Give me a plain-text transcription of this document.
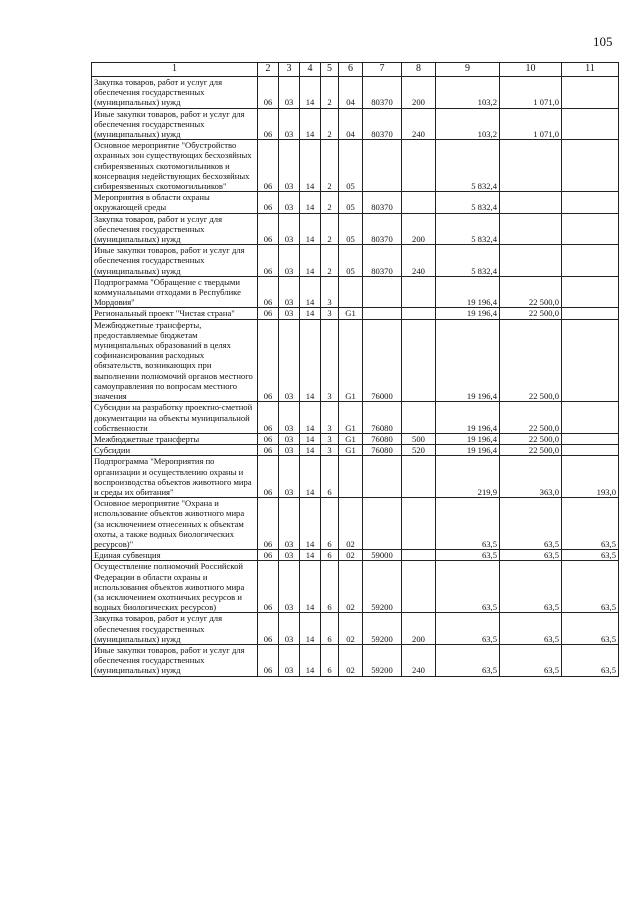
105
1	2	3	4	5	6	7	8	9	10	11
Закупка товаров, работ и услуг для обеспечения государственных (муниципальных) нужд	06	03	14	2	04	80370	200	103,2	1 071,0	
Иные закупки товаров, работ и услуг для обеспечения государственных (муниципальных) нужд	06	03	14	2	04	80370	240	103,2	1 071,0	
Основное мероприятие "Обустройство охранных зон существующих бесхозяйных сибиреязвенных скотомогильников и консервация недействующих бесхозяйных сибиреязвенных скотомогильников"	06	03	14	2	05			5 832,4		
Мероприятия в области охраны окружающей среды	06	03	14	2	05	80370		5 832,4		
Закупка товаров, работ и услуг для обеспечения государственных (муниципальных) нужд	06	03	14	2	05	80370	200	5 832,4		
Иные закупки товаров, работ и услуг для обеспечения государственных (муниципальных) нужд	06	03	14	2	05	80370	240	5 832,4		
Подпрограмма "Обращение с твердыми коммунальными отходами в Республике Мордовия"	06	03	14	3				19 196,4	22 500,0	
Региональный проект "Чистая страна"	06	03	14	3	G1			19 196,4	22 500,0	
Межбюджетные трансферты, предоставляемые бюджетам муниципальных образований в целях софинансирования расходных обязательств, возникающих при выполнении полномочий органов местного самоуправления по вопросам местного значения	06	03	14	3	G1	76000		19 196,4	22 500,0	
Субсидии на разработку проектно-сметной документации на объекты муниципальной собственности	06	03	14	3	G1	76080		19 196,4	22 500,0	
Межбюджетные трансферты	06	03	14	3	G1	76080	500	19 196,4	22 500,0	
Субсидии	06	03	14	3	G1	76080	520	19 196,4	22 500,0	
Подпрограмма "Мероприятия по организации и осуществлению охраны и воспроизводства объектов животного мира и среды их обитания"	06	03	14	6				219,9	363,0	193,0
Основное мероприятие "Охрана и использование объектов животного мира (за исключением отнесенных к объектам охоты, а также водных биологических ресурсов)"	06	03	14	6	02			63,5	63,5	63,5
Единая субвенция	06	03	14	6	02	59000		63,5	63,5	63,5
Осуществление полномочий Российской Федерации в области охраны и использования объектов животного мира (за исключением охотничьих ресурсов и водных биологических ресурсов)	06	03	14	6	02	59200		63,5	63,5	63,5
Закупка товаров, работ и услуг для обеспечения государственных (муниципальных) нужд	06	03	14	6	02	59200	200	63,5	63,5	63,5
Иные закупки товаров, работ и услуг для обеспечения государственных (муниципальных) нужд	06	03	14	6	02	59200	240	63,5	63,5	63,5
